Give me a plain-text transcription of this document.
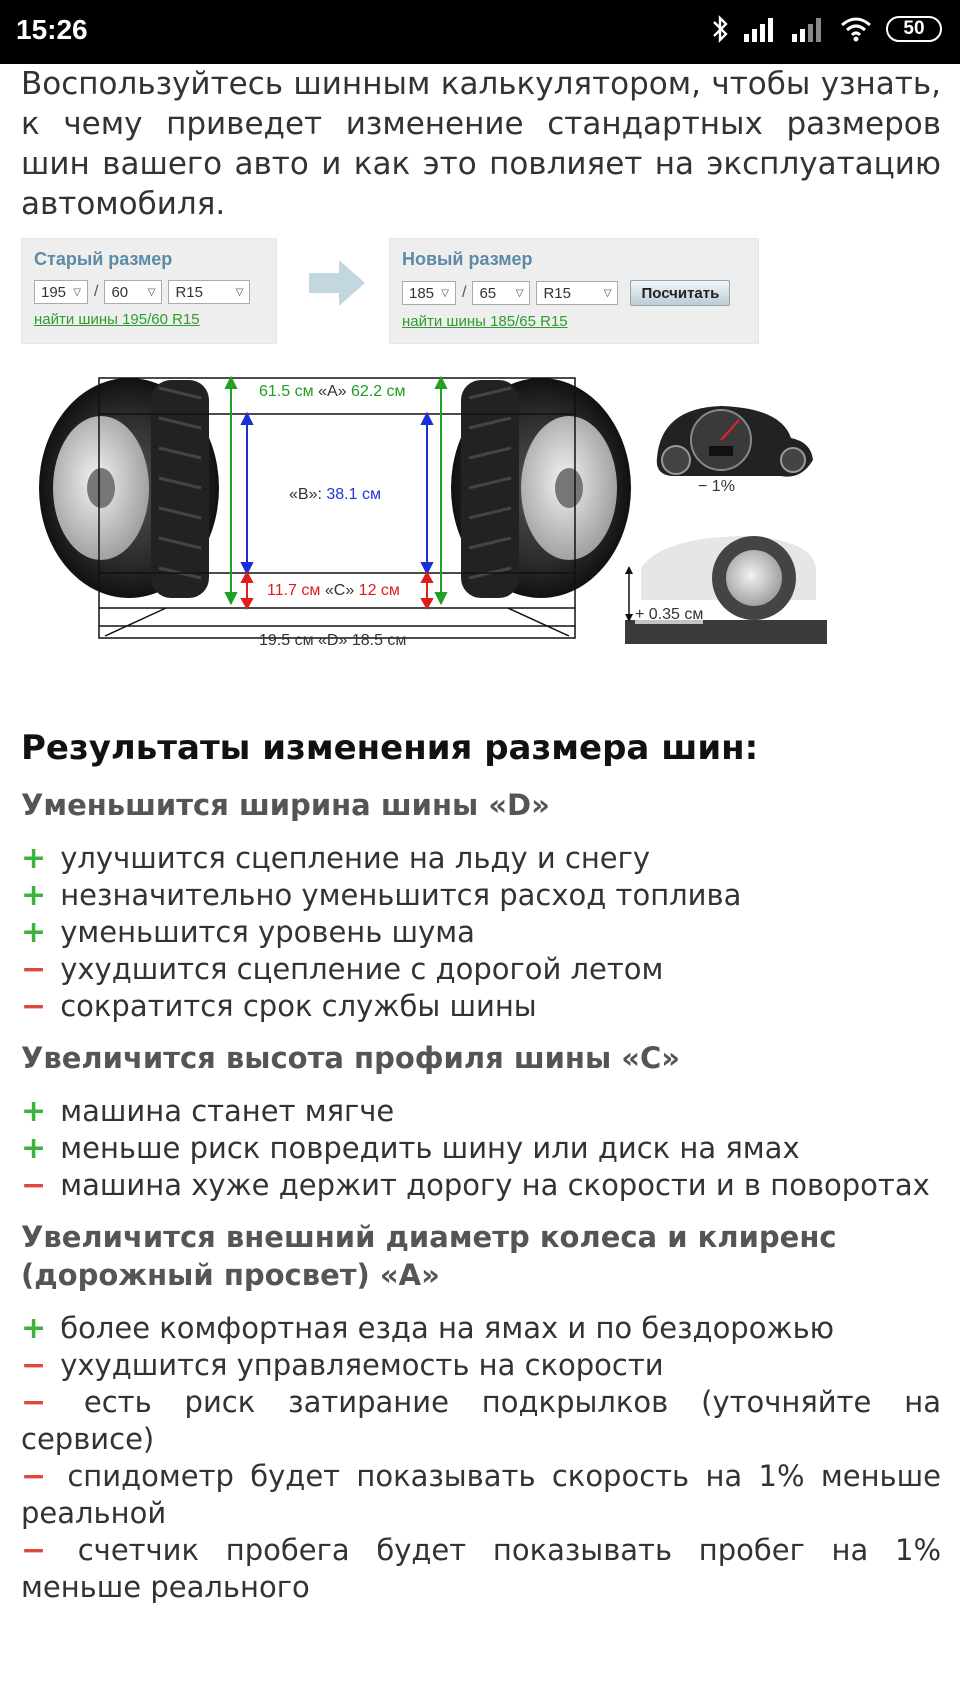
15:26	50

Воспользуйтесь шинным калькулятором, чтобы узнать, к чему приведет изменение стандартных размеров шин вашего авто и как это повлияет на эксплуатацию автомобиля.

Старый размер
195 ▽ / 60 ▽ R15	▽
найти шины 195/60 R15
Новый размер
185 ▽ / 65 ▽ R15	▽	Посчитать
найти шины 185/65 R15
61.5 см «A» 62.2 см
«B»: 38.1 см
11.7 см «C» 12 см
19.5 см «D» 18.5 см
− 1%
+ 0.35 см
Результаты изменения размера шин:
Уменьшится ширина шины «D»
+ улучшится сцепление на льду и снегу
+ незначительно уменьшится расход топлива
+ уменьшится уровень шума
− ухудшится сцепление с дорогой летом
− сократится срок службы шины
Увеличится высота профиля шины «C»
+ машина станет мягче
+ меньше риск повредить шину или диск на ямах
− машина хуже держит дорогу на скорости и в поворотах
Увеличится внешний диаметр колеса и клиренс (дорожный просвет) «A»
+ более комфортная езда на ямах и по бездорожью
− ухудшится управляемость на скорости
− есть риск затирание подкрылков (уточняйте на сервисе)
− спидометр будет показывать скорость на 1% меньше реальной
− счетчик пробега будет показывать пробег на 1% меньше реального
